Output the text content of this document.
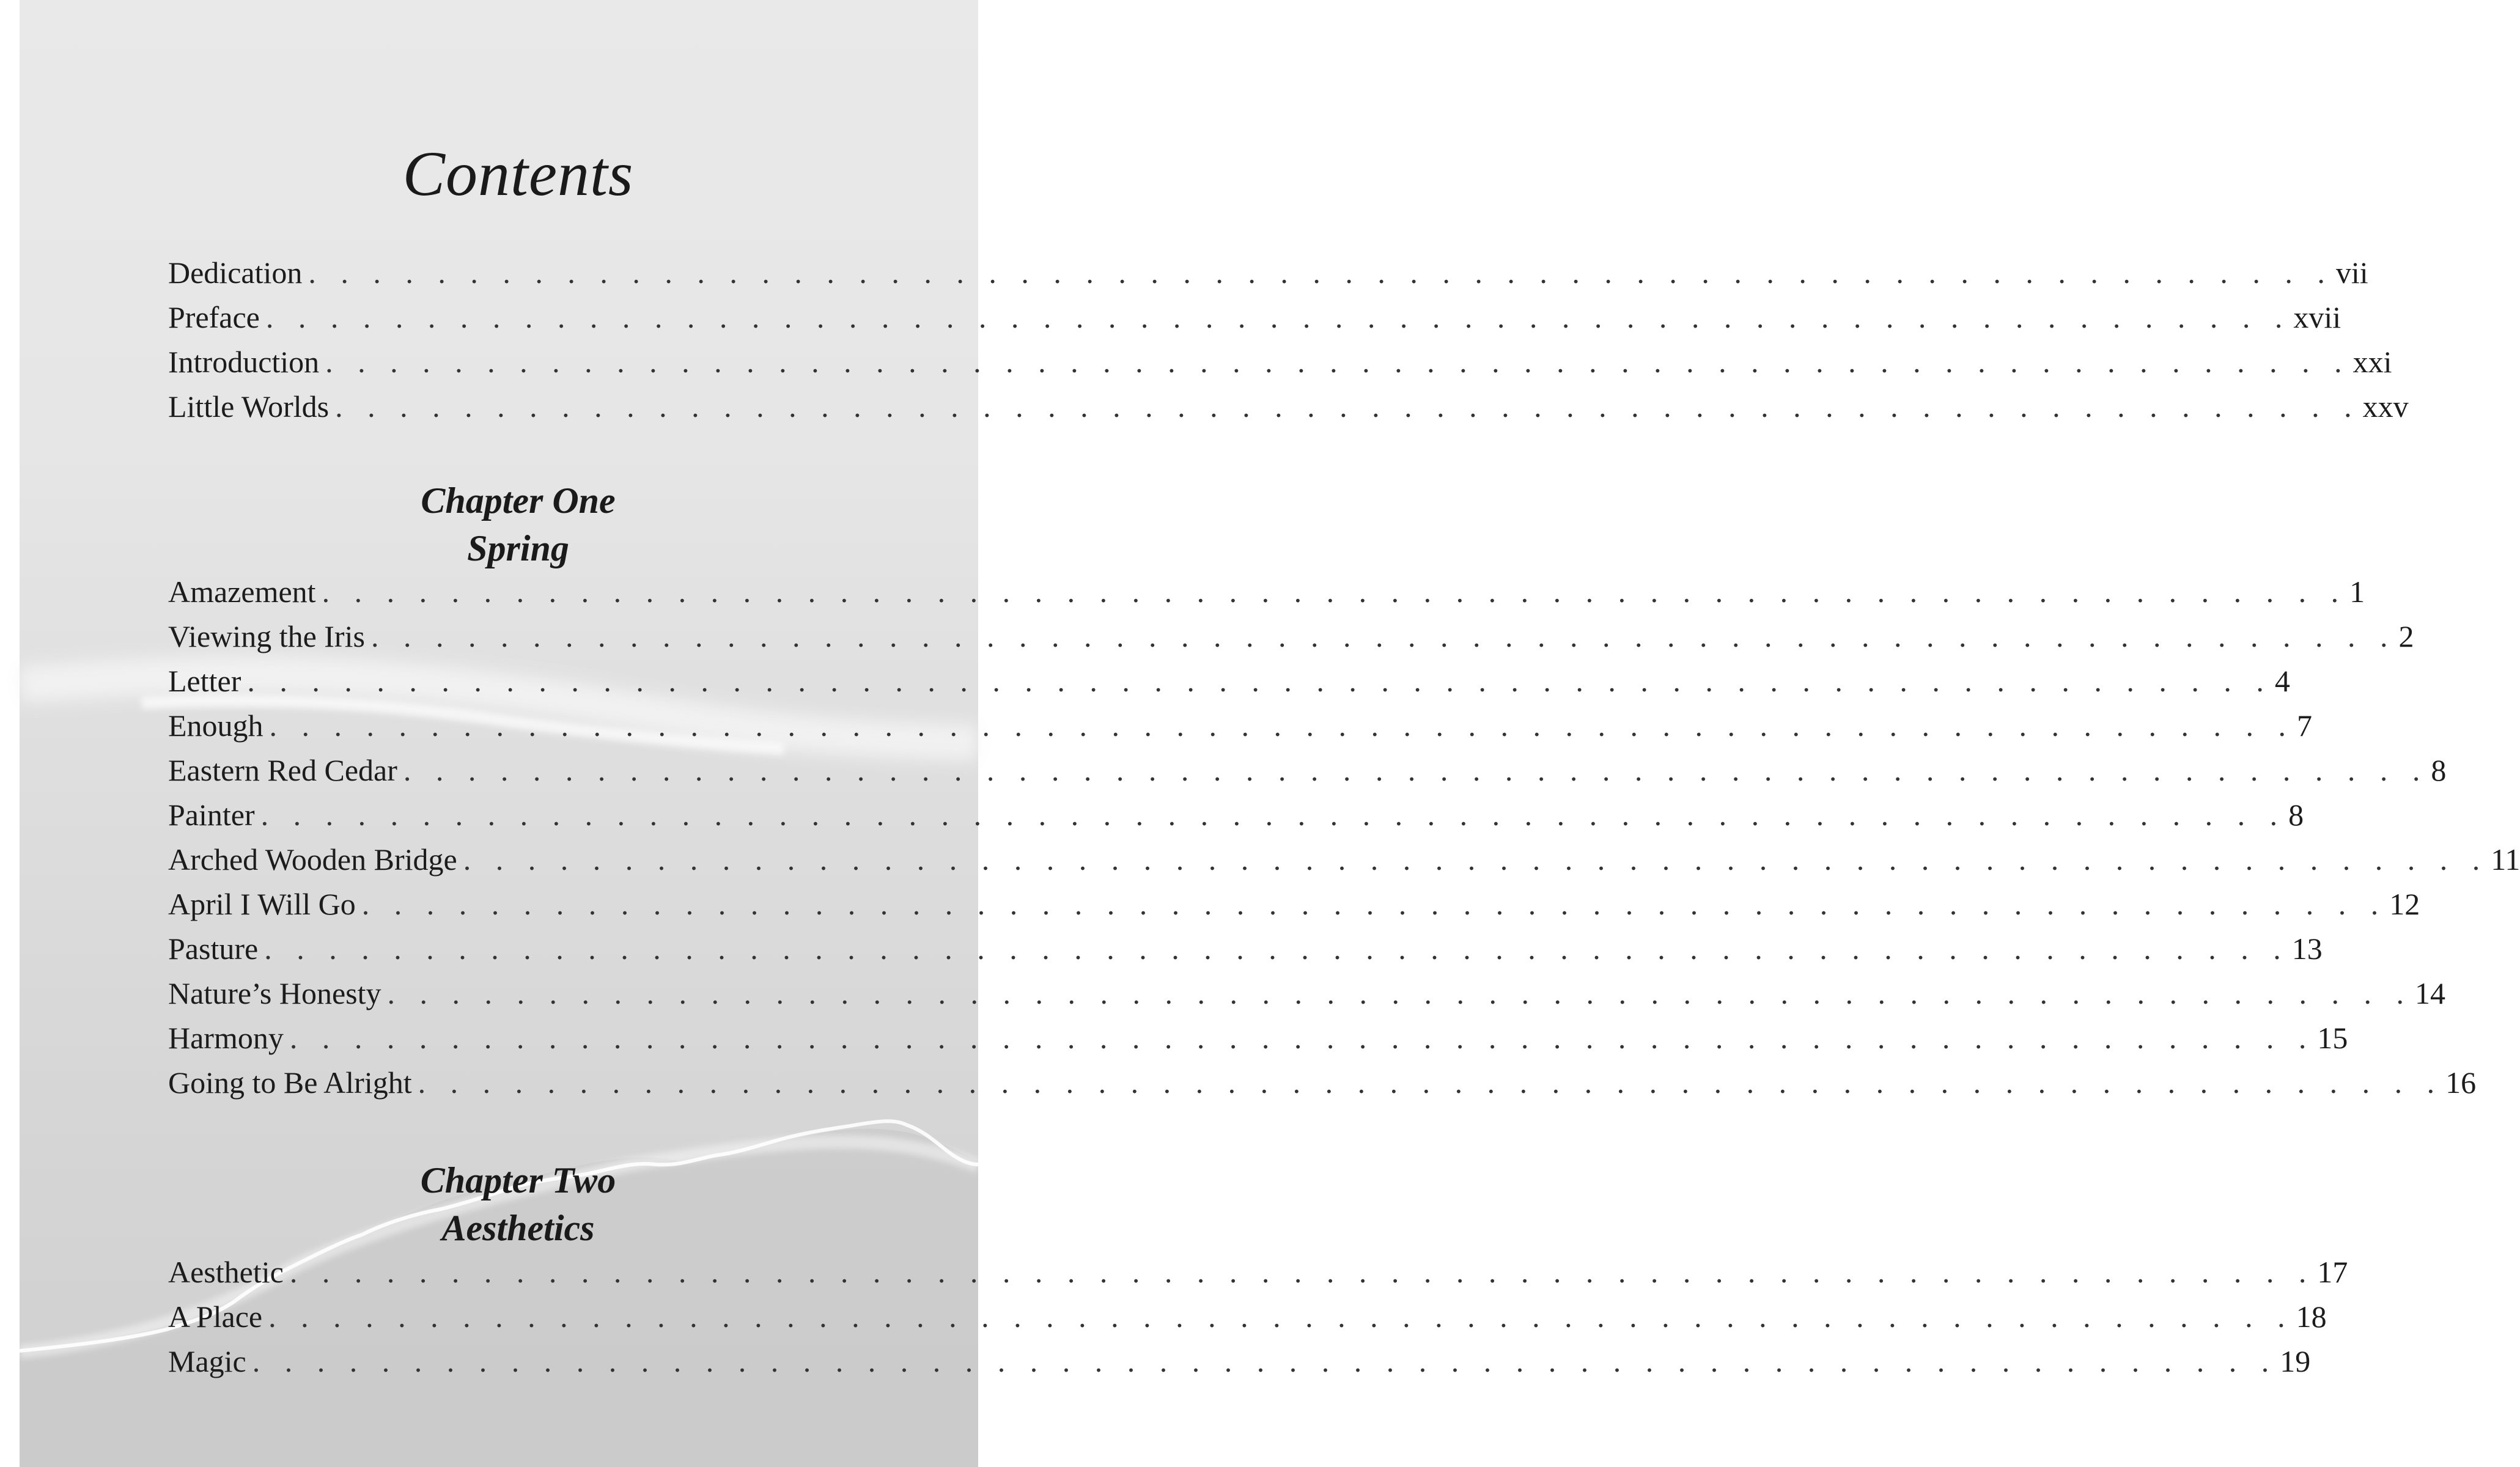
Contents
Dedication . . . . . . . . . . . . . . . . . . . . . . . . . . . . . . . . . . . . . . . . . . . . . . . . . . . . . . . . . . . . . . . vii
Preface . . . . . . . . . . . . . . . . . . . . . . . . . . . . . . . . . . . . . . . . . . . . . . . . . . . . . . . . . . . . . . . xvii
Introduction . . . . . . . . . . . . . . . . . . . . . . . . . . . . . . . . . . . . . . . . . . . . . . . . . . . . . . . . . . . . . . . xxi
Little Worlds . . . . . . . . . . . . . . . . . . . . . . . . . . . . . . . . . . . . . . . . . . . . . . . . . . . . . . . . . . . . . . . xxv
Chapter One
Spring
Amazement . . . . . . . . . . . . . . . . . . . . . . . . . . . . . . . . . . . . . . . . . . . . . . . . . . . . . . . . . . . . . . . 1
Viewing the Iris . . . . . . . . . . . . . . . . . . . . . . . . . . . . . . . . . . . . . . . . . . . . . . . . . . . . . . . . . . . . . . . 2
Letter . . . . . . . . . . . . . . . . . . . . . . . . . . . . . . . . . . . . . . . . . . . . . . . . . . . . . . . . . . . . . . . 4
Enough . . . . . . . . . . . . . . . . . . . . . . . . . . . . . . . . . . . . . . . . . . . . . . . . . . . . . . . . . . . . . . . 7
Eastern Red Cedar . . . . . . . . . . . . . . . . . . . . . . . . . . . . . . . . . . . . . . . . . . . . . . . . . . . . . . . . . . . . . . . 8
Painter . . . . . . . . . . . . . . . . . . . . . . . . . . . . . . . . . . . . . . . . . . . . . . . . . . . . . . . . . . . . . . . 8
Arched Wooden Bridge . . . . . . . . . . . . . . . . . . . . . . . . . . . . . . . . . . . . . . . . . . . . . . . . . . . . . . . . . . . . . . . 11
April I Will Go . . . . . . . . . . . . . . . . . . . . . . . . . . . . . . . . . . . . . . . . . . . . . . . . . . . . . . . . . . . . . . . 12
Pasture . . . . . . . . . . . . . . . . . . . . . . . . . . . . . . . . . . . . . . . . . . . . . . . . . . . . . . . . . . . . . . . 13
Nature’s Honesty . . . . . . . . . . . . . . . . . . . . . . . . . . . . . . . . . . . . . . . . . . . . . . . . . . . . . . . . . . . . . . . 14
Harmony . . . . . . . . . . . . . . . . . . . . . . . . . . . . . . . . . . . . . . . . . . . . . . . . . . . . . . . . . . . . . . . 15
Going to Be Alright . . . . . . . . . . . . . . . . . . . . . . . . . . . . . . . . . . . . . . . . . . . . . . . . . . . . . . . . . . . . . . . 16
Chapter Two
Aesthetics
Aesthetic . . . . . . . . . . . . . . . . . . . . . . . . . . . . . . . . . . . . . . . . . . . . . . . . . . . . . . . . . . . . . . . 17
A Place . . . . . . . . . . . . . . . . . . . . . . . . . . . . . . . . . . . . . . . . . . . . . . . . . . . . . . . . . . . . . . . 18
Magic . . . . . . . . . . . . . . . . . . . . . . . . . . . . . . . . . . . . . . . . . . . . . . . . . . . . . . . . . . . . . . . 19
